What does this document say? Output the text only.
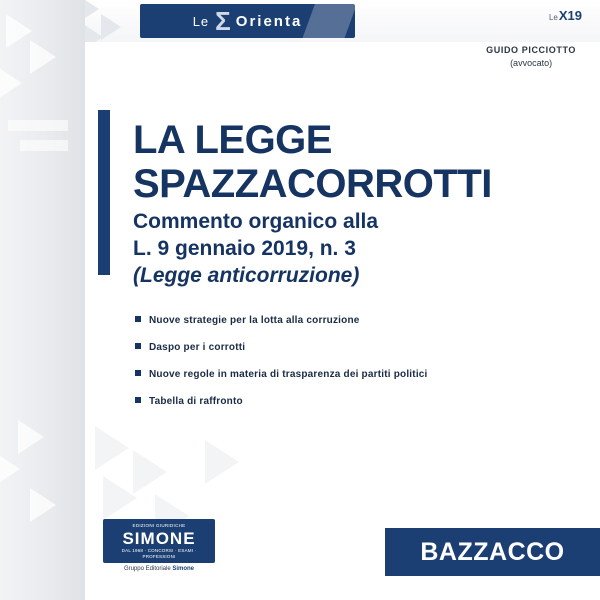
Le Σ Orienta	LeX19
GUIDO PICCIOTTO
(avvocato)
LA LEGGE
SPAZZACORROTTI
Commento organico alla
L. 9 gennaio 2019, n. 3
(Legge anticorruzione)
Nuove strategie per la lotta alla corruzione
Daspo per i corrotti
Nuove regole in materia di trasparenza dei partiti politici
Tabella di raffronto
EDIZIONI GIURIDICHE
SIMONE
DAL 1968 · CONCORSI · ESAMI · PROFESSIONI
Gruppo Editoriale Simone
BAZZACCO
